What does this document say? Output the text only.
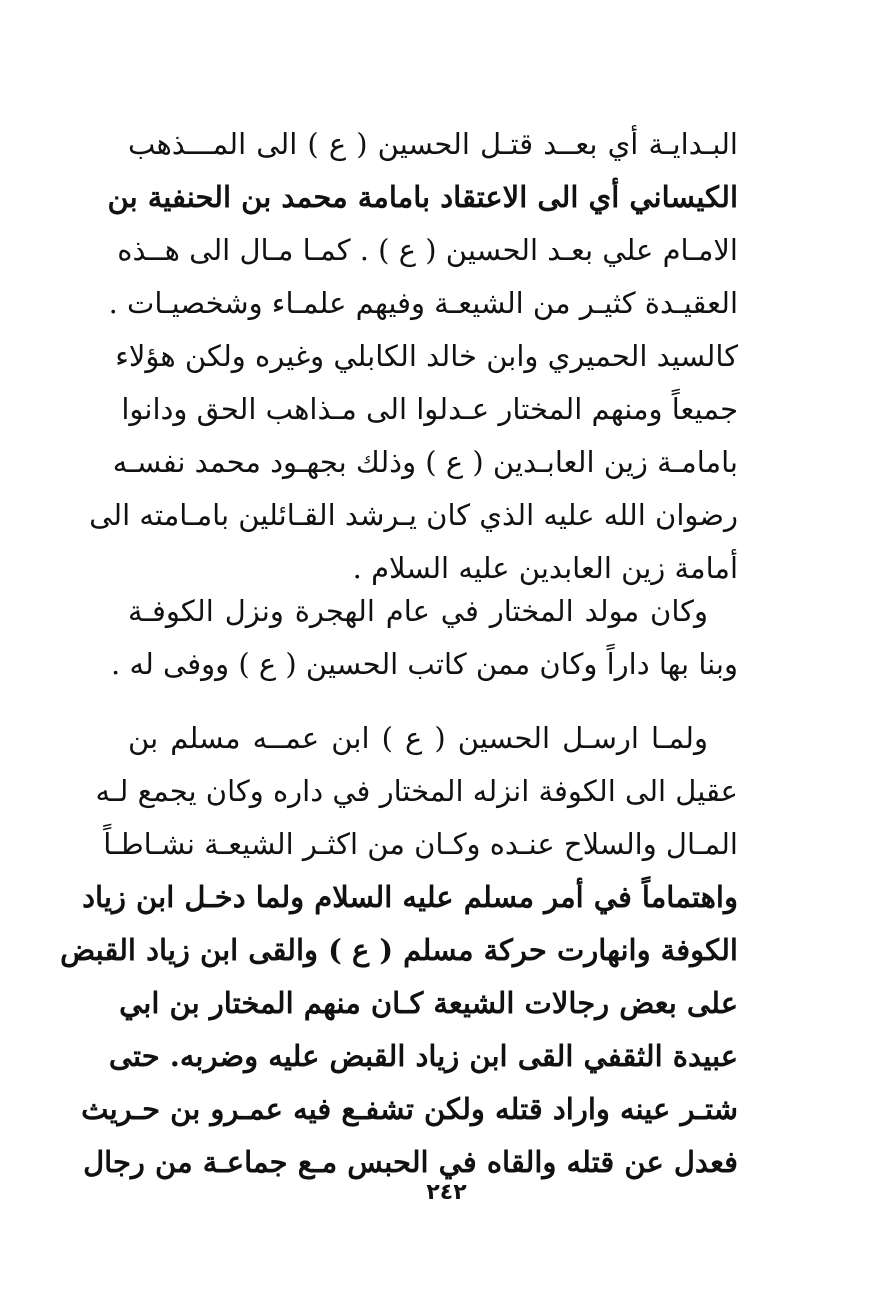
البـدايـة أي بعــد قتـل الحسين ( ع ) الى المـــذهب
الكيساني أي الى الاعتقاد بامامة محمد بن الحنفية بن
الامـام علي بعـد الحسين ( ع ) . كمـا مـال الى هــذه
العقيـدة كثيـر من الشيعـة وفيهم علمـاء وشخصيـات .
كالسيد الحميري وابن خالد الكابلي وغيره ولكن هؤلاء
جميعاً ومنهم المختار عـدلوا الى مـذاهب الحق ودانوا
بامامـة زين العابـدين ( ع ) وذلك بجهـود محمد نفسـه
رضوان الله عليه الذي كان يـرشد القـائلين بامـامته الى
أمامة زين العابدين عليه السلام .
وكان مولد المختار في عام الهجرة ونزل الكوفـة
وبنا بها داراً وكان ممن كاتب الحسين ( ع ) ووفى له .
ولمـا ارسـل الحسين ( ع ) ابن عمــه مسلم بن
عقيل الى الكوفة انزله المختار في داره وكان يجمع لـه
المـال والسلاح عنـده وكـان من اكثـر الشيعـة نشـاطـاً
واهتماماً في أمر مسلم عليه السلام ولما دخـل ابن زياد
الكوفة وانهارت حركة مسلم ( ع ) والقى ابن زياد القبض
على بعض رجالات الشيعة كـان منهم المختار بن ابي
عبيدة الثقفي القى ابن زياد القبض عليه وضربه. حتى
شتـر عينه واراد قتله ولكن تشفـع فيه عمـرو بن حـريث
فعدل عن قتله والقاه في الحبس مـع جماعـة من رجال
٢٤٢
